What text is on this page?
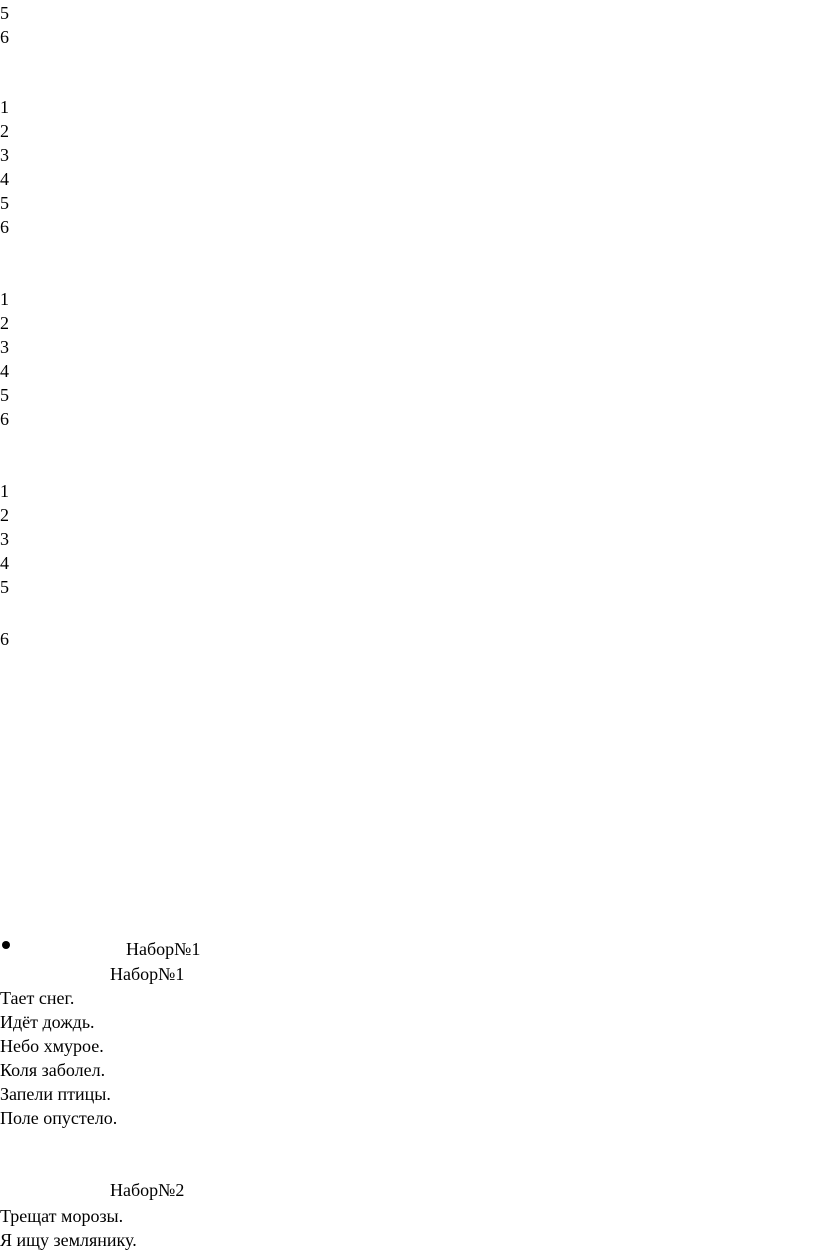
5
6
1
2
3
4
5
6
1
2
3
4
5
6
1
2
3
4
5
6
Набор№1
Набор№1
Тает снег.
Идёт дождь.
Небо хмурое.
Коля заболел.
Запели птицы.
Поле опустело.
Набор№2
Трещат морозы.
Я ищу землянику.
